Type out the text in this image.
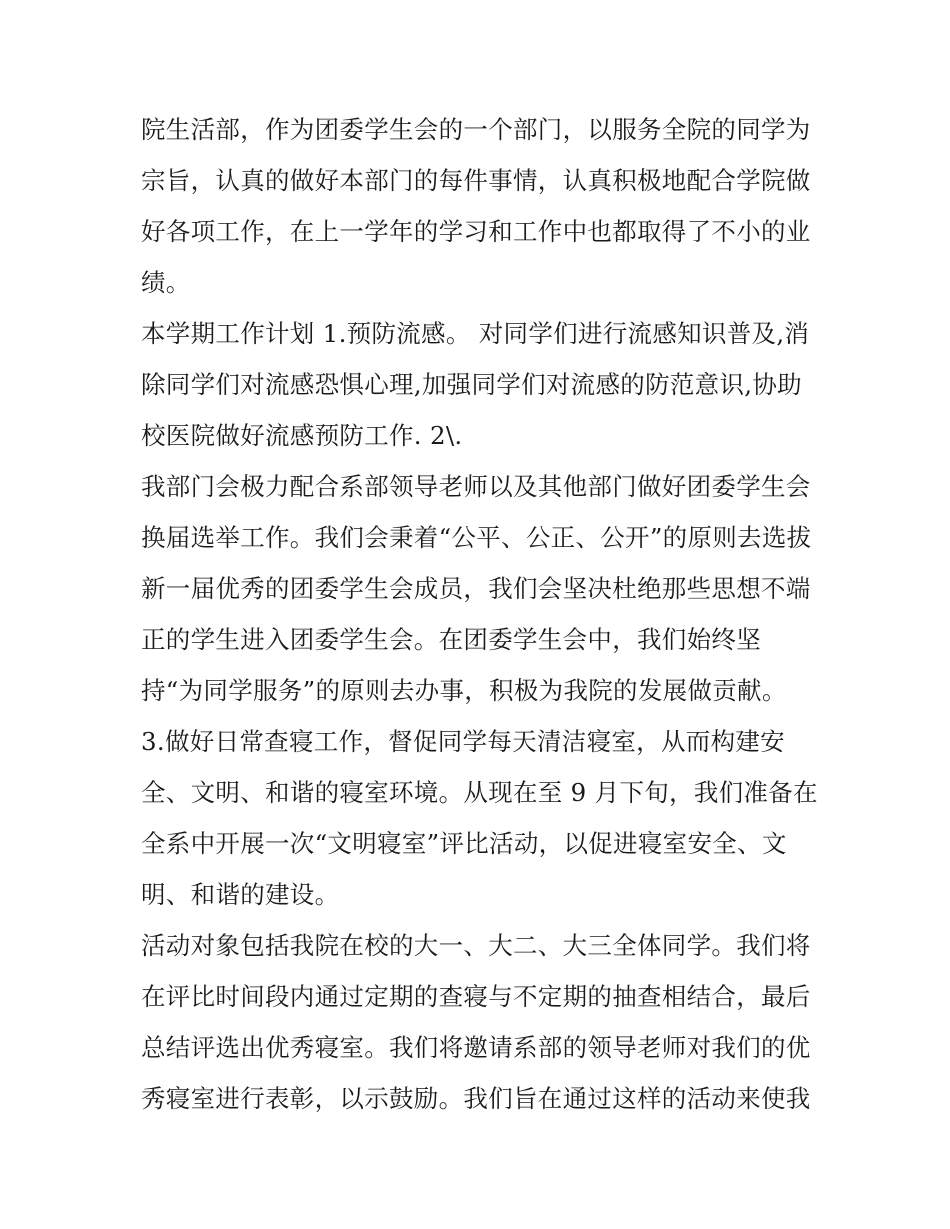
院生活部，作为团委学生会的一个部门，以服务全院的同学为
宗旨，认真的做好本部门的每件事情，认真积极地配合学院做
好各项工作，在上一学年的学习和工作中也都取得了不小的业
绩。
本学期工作计划 1.预防流感。 对同学们进行流感知识普及,消
除同学们对流感恐惧心理,加强同学们对流感的防范意识,协助
校医院做好流感预防工作. 2\.
我部门会极力配合系部领导老师以及其他部门做好团委学生会
换届选举工作。我们会秉着“公平、公正、公开”的原则去选拔
新一届优秀的团委学生会成员，我们会坚决杜绝那些思想不端
正的学生进入团委学生会。在团委学生会中，我们始终坚
持“为同学服务”的原则去办事，积极为我院的发展做贡献。
3.做好日常查寝工作，督促同学每天清洁寝室，从而构建安
全、文明、和谐的寝室环境。从现在至 9 月下旬，我们准备在
全系中开展一次“文明寝室”评比活动，以促进寝室安全、文
明、和谐的建设。
活动对象包括我院在校的大一、大二、大三全体同学。我们将
在评比时间段内通过定期的查寝与不定期的抽查相结合，最后
总结评选出优秀寝室。我们将邀请系部的领导老师对我们的优
秀寝室进行表彰，以示鼓励。我们旨在通过这样的活动来使我
